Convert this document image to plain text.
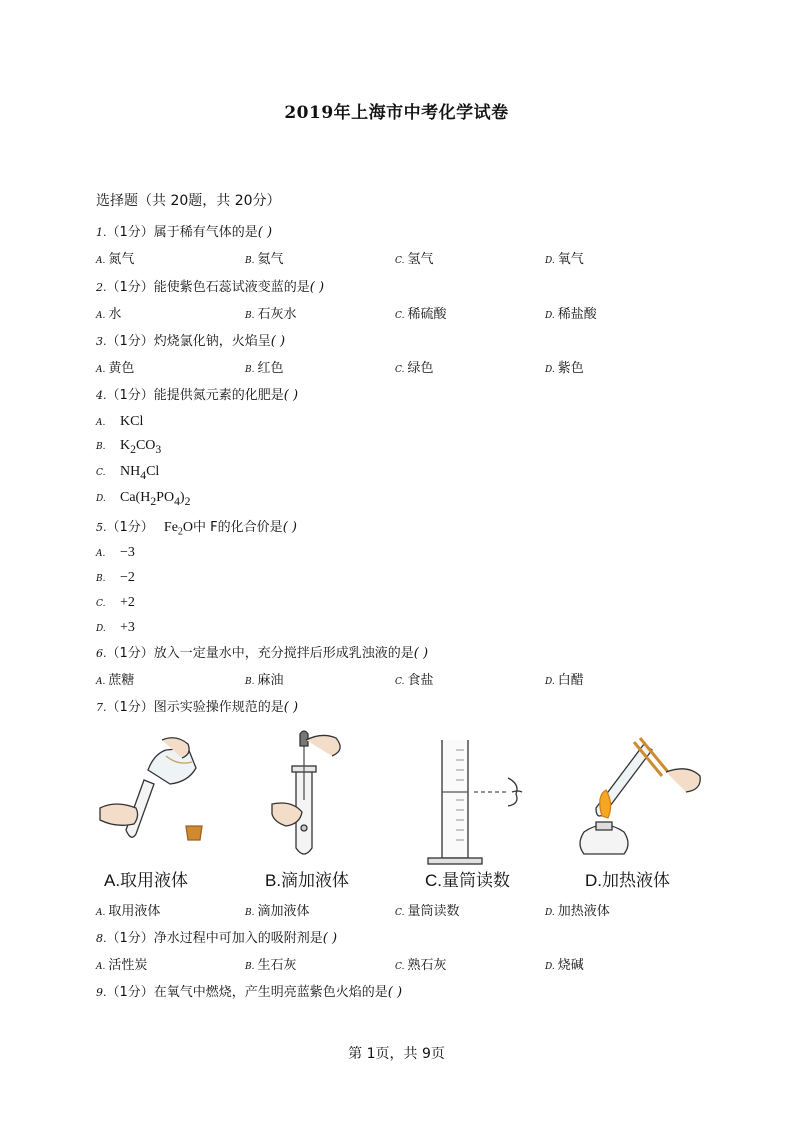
2019年上海市中考化学试卷
选择题（共 20题，共 20分）
1.（1分）属于稀有气体的是( )
A. 氮气	B. 氦气	C. 氢气	D. 氧气
2.（1分）能使紫色石蕊试液变蓝的是( )
A. 水	B. 石灰水	C. 稀硫酸	D. 稀盐酸
3.（1分）灼烧氯化钠，火焰呈( )
A. 黄色	B. 红色	C. 绿色	D. 紫色
4.（1分）能提供氮元素的化肥是( )
A. KCl
B. $K_2CO_3$
C. $NH_4Cl$
D. $Ca(H_2PO_4)_2$
5.（1分） $Fe_2O$中 F的化合价是( )
A. −3
B. −2
C. +2
D. +3
6.（1分）放入一定量水中，充分搅拌后形成乳浊液的是( )
A. 蔗糖	B. 麻油	C. 食盐	D. 白醋
7.（1分）图示实验操作规范的是( )
A.取用液体	B.滴加液体	C.量筒读数	D.加热液体
A. 取用液体	B. 滴加液体	C. 量筒读数	D. 加热液体
8.（1分）净水过程中可加入的吸附剂是( )
A. 活性炭	B. 生石灰	C. 熟石灰	D. 烧碱
9.（1分）在氧气中燃烧，产生明亮蓝紫色火焰的是( )
第 1页，共 9页
